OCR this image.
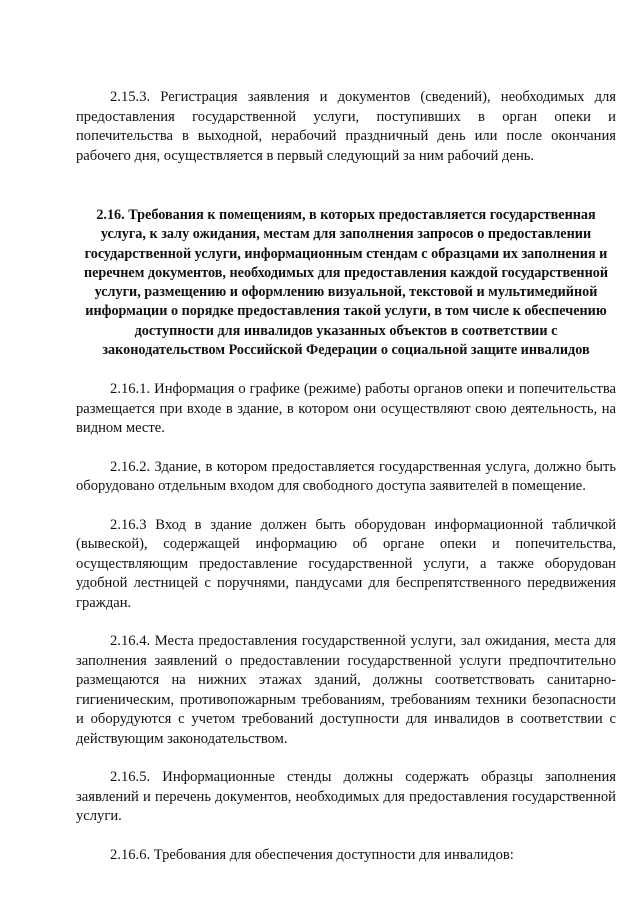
2.15.3. Регистрация заявления и документов (сведений), необходимых для предоставления государственной услуги, поступивших в орган опеки и попечительства в выходной, нерабочий праздничный день или после окончания рабочего дня, осуществляется в первый следующий за ним рабочий день.

2.16. Требования к помещениям, в которых предоставляется государственная услуга, к залу ожидания, местам для заполнения запросов о предоставлении государственной услуги, информационным стендам с образцами их заполнения и перечнем документов, необходимых для предоставления каждой государственной услуги, размещению и оформлению визуальной, текстовой и мультимедийной информации о порядке предоставления такой услуги, в том числе к обеспечению доступности для инвалидов указанных объектов в соответствии с законодательством Российской Федерации о социальной защите инвалидов

2.16.1. Информация о графике (режиме) работы органов опеки и попечительства размещается при входе в здание, в котором они осуществляют свою деятельность, на видном месте.

2.16.2. Здание, в котором предоставляется государственная услуга, должно быть оборудовано отдельным входом для свободного доступа заявителей в помещение.

2.16.3 Вход в здание должен быть оборудован информационной табличкой (вывеской), содержащей информацию об органе опеки и попечительства, осуществляющим предоставление государственной услуги, а также оборудован удобной лестницей с поручнями, пандусами для беспрепятственного передвижения граждан.

2.16.4. Места предоставления государственной услуги, зал ожидания, места для заполнения заявлений о предоставлении государственной услуги предпочтительно размещаются на нижних этажах зданий, должны соответствовать санитарно-гигиеническим, противопожарным требованиям, требованиям техники безопасности и оборудуются с учетом требований доступности для инвалидов в соответствии с действующим законодательством.

2.16.5. Информационные стенды должны содержать образцы заполнения заявлений и перечень документов, необходимых для предоставления государственной услуги.

2.16.6. Требования для обеспечения доступности для инвалидов:
